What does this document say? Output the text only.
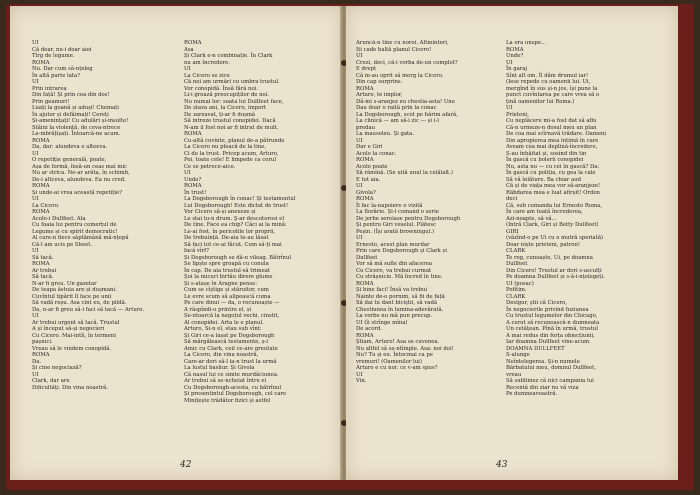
UI
Că doar, nu-i doar aiei
Tîrg de legume.
ROMA
Nu. Dar cum să-nțeleg
În altă parte lata?
UI
Prin intrarea
Din față! Și prin cea din dos!
Prin geamuri!
Luați la goană și aduși! Chemați
În ajutor și defăimați! Cereți
Și-amenințați! Cu adulări și-insulte!
Stăini la violență, de ceva-ntrece
Le-mbrățișați. Întoarcă-ne acum.
ROMA
Da, dar: alundeva e alteeva.
UI
O repetiție generală, poate,
Așa de formă, însă-un ceas mai mic
Nu ar strica. Ne-ar arăta, în schimb,
De-i altceva, alundeva. Ea nu cred.
ROMA
Și unde-ai vrea această repetiție?
UI
La Cicero.
ROMA
Acolo-i Dullfeet. Ala
Cu foaia lui pentru comerțul de
Legume și cu spirit democratic!
Al care-n fiece săptămână mă-nțepă
Că-l am ucis pe Sheet.
UI
Să tacă.
ROMA
Ar trebui
Să tacă.
N-ar fi greu. Un gazetar
De teapa ăstuia are și dușmani.
Cuvîntul tipărit îl face pe unii
Să vadă roșu. Asa cint eu, de pildă.
Da, n-ar fi greu să-i faci să tacă — Arturo.
UI
Ar trebui urgent să tacă. Trustul
A și început să-și negocieri
Cu Cicero. Mai-intîi, în termeni
pașnici.
Vreau să le vindem conopidă.
ROMA
Da.
Și cine negociază?
UI
Clark, dar are
Dificultăți. Din vina noastră.
ROMA
Asa
Și Clark e-n combinație. În Clark
nu am încredere.
UI
La Cicero se zice
Că noi am urmări cu umbra trustul.
Vor conopidă. Însă fără noi.
Li-i groază preocupiților de noi.
Nu numai lor: soata lui Dullfeet face,
De ștava ani, la Cicero, import
De zarzavat, ți-ar fi dușmă
Să intreze trustul conopidei. Dacă
N-am il fost noi ar fi intrat de mult.
ROMA
Cu-altă cuvinte, planul de-a pătrunde
La Cicero nu pleacă de la tine,
Ci de la trust. Pricep acum, Arturo,
Poi, toate cele! E limpede ca cerul
Ce se petrece-aice.
UI
Unde?
ROMA
În trust!
La Dogsborough în conac! Și testamentul
Lui Dogsborough! Este dictat de trust!
Vor Cicero să-și anexeze și
Le stai tu-n drum. Ș-ar descotorosi el
De tine. Face ea chip? Căci ai la mină:
Le-ai fost, în pericolile lor proprii,
De trebuință. De-aia te-au lăsat
Să faci tot ce-ai făcut. Cum să-ți mai
facă vîrf?
Și Dogsborough se dă-n vileag. Bătrînul
Se lipște spre groapă cu conula
În cap. De aia trustul-să trimeat
Șoi la micuri birtău direre glume
Și s-atașe în Aragne pense:
Cum se cîștige și stăruitor, cum
Le evre scum să alipească cuma
Pe care dinui — da, o recunoaște —
A răspîndi-o printre el, și
Se-ntoarcă la negoțul vechi, cinstit,
Al conopidei. Arta le e planul.
Arturo, Si-n el, stau sub vînt:
Și Giri ce-a lașat pe Dogsborough
Să mărgălească testamente, ș-i
Amic cu Clark, ceil ce-are greutate
La Cicero, din vina noastră,
Care-ar dori să-l ia-n trust la urmă
La lustul basliur. Și Givola
Că nasul lui ce simte murdăciunea.
Ar trebui să se-ncheiat între ei
Cu Dogsborough-acesta, cu bătrînul
Și presentintul Dogsborough, cel care
Minițește trădător fizici și astfel
42
Aruncă-n tine cu noroi. Altminteri,
Iți cade baltă planul Cicero!
UI
Crezi, deci, că-i vorba de-un complot?
E drept
Că m-au oprit să merg la Cicero.
Din cap surprins.
ROMA
Arturo, te implor,
Dă-mi s-aranjez eu chestia-asta! Une
Dau doar o raită prin la conac
La Dogsborough, scot pe bărim afară,
La clinică — am să-i zic — și i-l
predau
La mausoleu. Și gata.
UI
Dar e Giri
Acolo la conac.
ROMA
Acolo poate
Să rămînă. (Se uită unul la celălalt.)
E tot aia.
UI
Givola?
ROMA
Îl fac la-napoiere o vizită
La florărie. Și-l comand o serie
De jerbe sereiase pentru Dogsborough
Și pentru Giri veselul. Plătesc
Peșin. (Își arată browningul.)
UI
Ernesto, acest plan murdar
Prin care Dogsborough și Clark și
Dullfeet
Vor să mă sufle din afacerea
Cu Cicero, va trebui curmat
Cu strășnicie. Mă încred în tine.
ROMA
Și bine faci! Însă va trebui
Nainte de-o pornim, să fii de față
Să dai tu dant biciștii, să vadă
Chestiunea în lumina-adevărată.
La vorbe nu mă pun precup.
UI (îi strînge mîna)
De acord.
ROMA
Știam, Arturo! Asa se cuvenea.
Nu altfel să se-ntîmple. Asa: noi doi!
Nu? Tu și eu. Întocmai ca pe
vremuri! (Oamenilor lui)
Arturo e cu noi: ce v-am spus?
UI
Vin.
La ora unspe...
ROMA
Unde?
UI
În garaj
Sînt alt om. Îl dăm drumul iar!
(Iese repede cu oamenii lui. Ui,
mergînd în sus și-n jos, își pune la
punct cuvîntarea pe care vrea să o
țină oamenilor lui Roma.)
UI
Prieteni,
Cu neplăcere mi-a fost dat să aflu
Că-n urmeze-n dosul meu un plan
De coa mai scîrnavă trădare. Oameni
Din apropierea mea intimă în care
Aveam cea mai deplină-încredere,
S-au înhăitat și, sosind din tin
În gască cu bolerii conopidei
Nu, asta nu — cu cei în gască? Da:
În gască cu poliția, cu gea la cale
Să vă înlăture. Ba chiar aud
Că și de viața mea vor să-aranjeze!
Răbdarea mea e luat afirșit! Ordon
deci
Că, sub comanda lui Ernesto Roma,
În care am toată încrederea,
Azi-noapte, să vă...
(Intră Clark, Giri și Betty Dullfeet)
GIRI
(văzînd-o pe Ui cu o mutră speriată)
Doar niște prieteni, patron!
CLARK
Te rog, cunoaște, Ui, pe doamna
Dullfeet
Din Cicero! Trustul ar dori s-asculți
Pe doamna Dullfeet și s-ă-i-nțelegeți.
UI (posac)
Pofitim.
CLARK
Desigur, știi că Cicero,
În negocierile privind fuziunea
Cu trustul legumelor din Chicago,
A cerut să recunoască-n dumneata
Un cetățean. Pînă în urmă, trustul
A mai redus din forța obiecțiunii,
Iar doamna Dullfeet vine-acum.
DOAMNA DULLFEET
S-alunge
Neîntelegerea. Și-n numele
Bărbatului meu, domnul Dullfeet,
vreau
Să subliniez că nici campania lui
Recentă din ziar nu vă viza
Pe dumneavoastră.
43
